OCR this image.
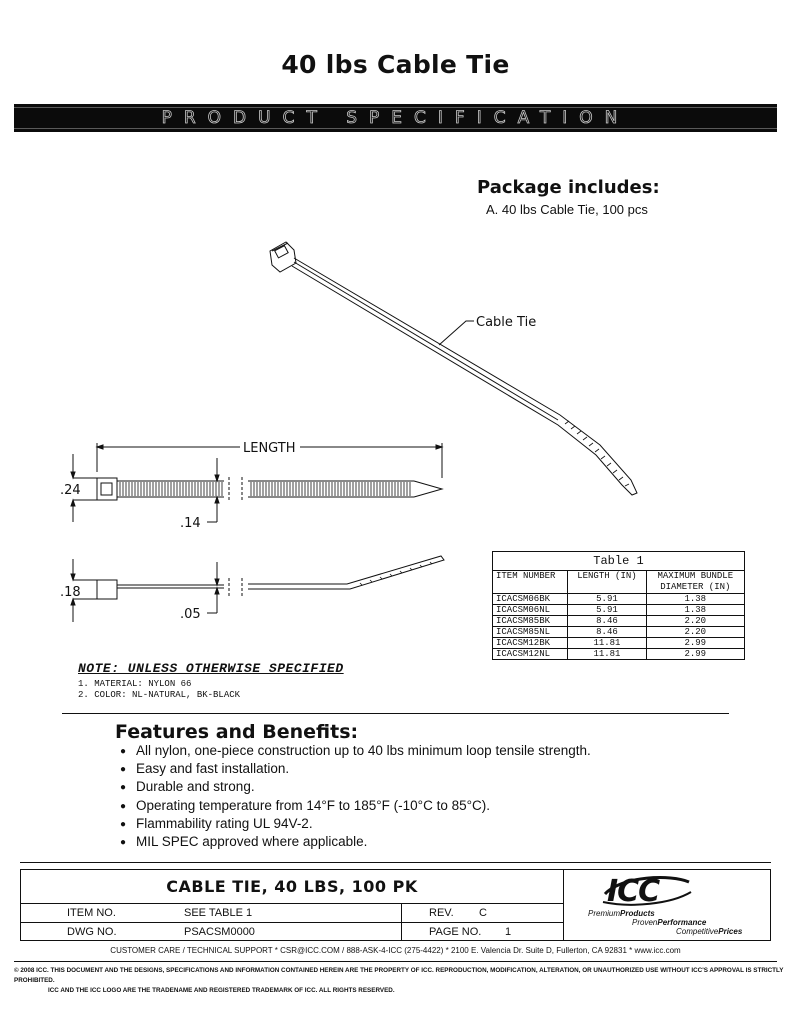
40 lbs Cable Tie
PRODUCT SPECIFICATION
Package includes:
A. 40 lbs Cable Tie, 100 pcs
Cable Tie
LENGTH
.24
.14
.18
.05
Table 1		
ITEM NUMBER	LENGTH (IN)	MAXIMUM BUNDLE DIAMETER (IN)
ICACSM06BK	5.91	1.38
ICACSM06NL	5.91	1.38
ICACSM85BK	8.46	2.20
ICACSM85NL	8.46	2.20
ICACSM12BK	11.81	2.99
ICACSM12NL	11.81	2.99
NOTE: UNLESS OTHERWISE SPECIFIED
1. MATERIAL: NYLON 66
2. COLOR: NL-NATURAL, BK-BLACK
Features and Benefits:
● All nylon, one-piece construction up to 40 lbs minimum loop tensile strength.
● Easy and fast installation.
● Durable and strong.
● Operating temperature from 14°F to 185°F (-10°C to 85°C).
● Flammability rating UL 94V-2.
● MIL SPEC approved where applicable.
CABLE TIE, 40 LBS, 100 PK
ITEM NO.	SEE TABLE 1	REV. C
DWG NO.	PSACSM0000	PAGE NO. 1
ICC
PremiumProducts
ProvenPerformance
CompetitivePrices
CUSTOMER CARE / TECHNICAL SUPPORT * CSR@ICC.COM / 888-ASK-4-ICC (275-4422) * 2100 E. Valencia Dr. Suite D, Fullerton, CA 92831 * www.icc.com
© 2008 ICC. THIS DOCUMENT AND THE DESIGNS, SPECIFICATIONS AND INFORMATION CONTAINED HEREIN ARE THE PROPERTY OF ICC. REPRODUCTION, MODIFICATION, ALTERATION, OR UNAUTHORIZED USE WITHOUT ICC'S APPROVAL IS STRICTLY PROHIBITED.
ICC AND THE ICC LOGO ARE THE TRADENAME AND REGISTERED TRADEMARK OF ICC. ALL RIGHTS RESERVED.
